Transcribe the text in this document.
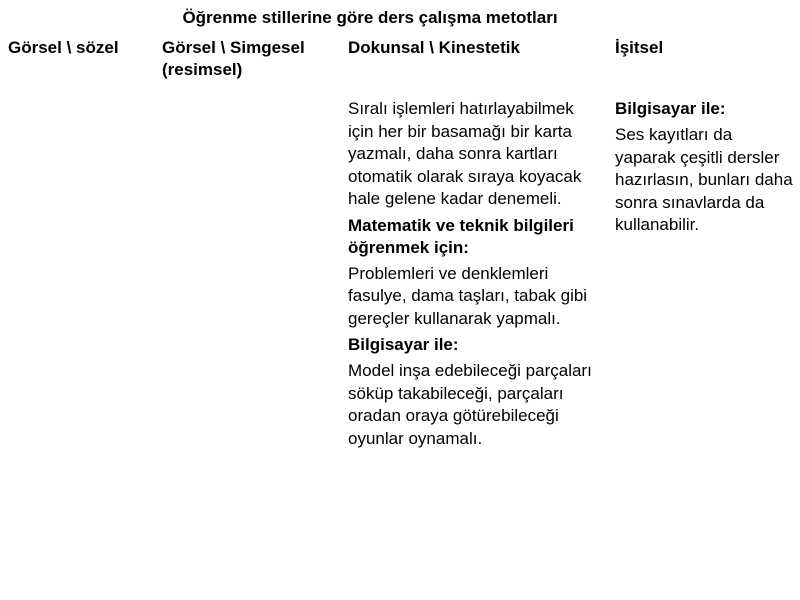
Öğrenme stillerine göre ders çalışma metotları

Görsel \ sözel	Görsel \ Simgesel (resimsel)

Dokunsal \ Kinestetik	İşitsel

Sıralı işlemleri hatırlayabilmek için her bir basamağı bir karta yazmalı, daha sonra kartları otomatik olarak sıraya koyacak hale gelene kadar denemeli.

Matematik ve teknik bilgileri öğrenmek için:

Problemleri ve denklemleri fasulye, dama taşları, tabak gibi gereçler kullanarak yapmalı.

Bilgisayar ile:

Model inşa edebileceği parçaları söküp takabileceği, parçaları oradan oraya götürebileceği oyunlar oynamalı.

Bilgisayar ile:

Ses kayıtları da yaparak çeşitli dersler hazırlasın, bunları daha sonra sınavlarda da kullanabilir.
